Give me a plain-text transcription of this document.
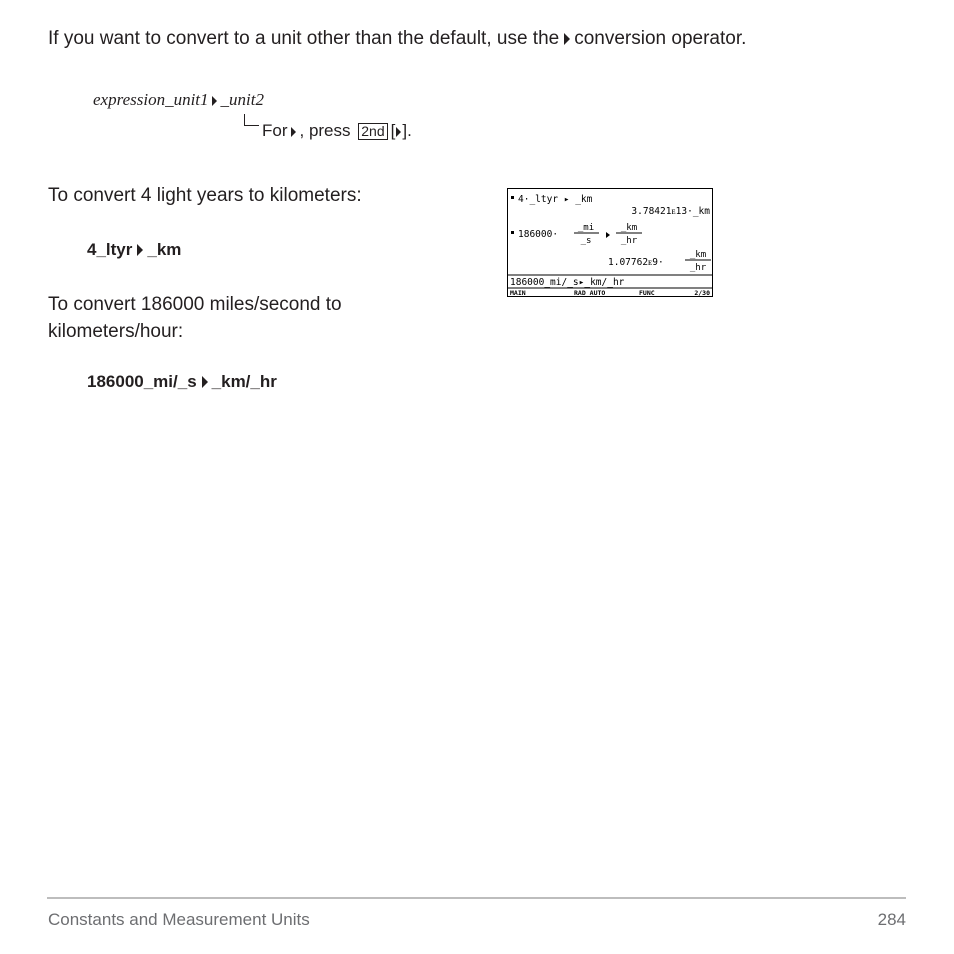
If you want to convert to a unit other than the default, use the conversion operator.

expression_unit1 _unit2
For , press 2nd [ ].
To convert 4 light years to kilometers:
4_ltyr _km
To convert 186000 miles/second to kilometers/hour:
186000_mi/_s _km/_hr
4·_ltyr ▸ _km
3.78421ᴇ13·_km
186000·
_mi
_s
_km
_hr
1.07762ᴇ9·
_km
_hr
186000_mi/_s▸_km/_hr
MAIN	RAD AUTO	FUNC	2/30
Constants and Measurement Units	284
